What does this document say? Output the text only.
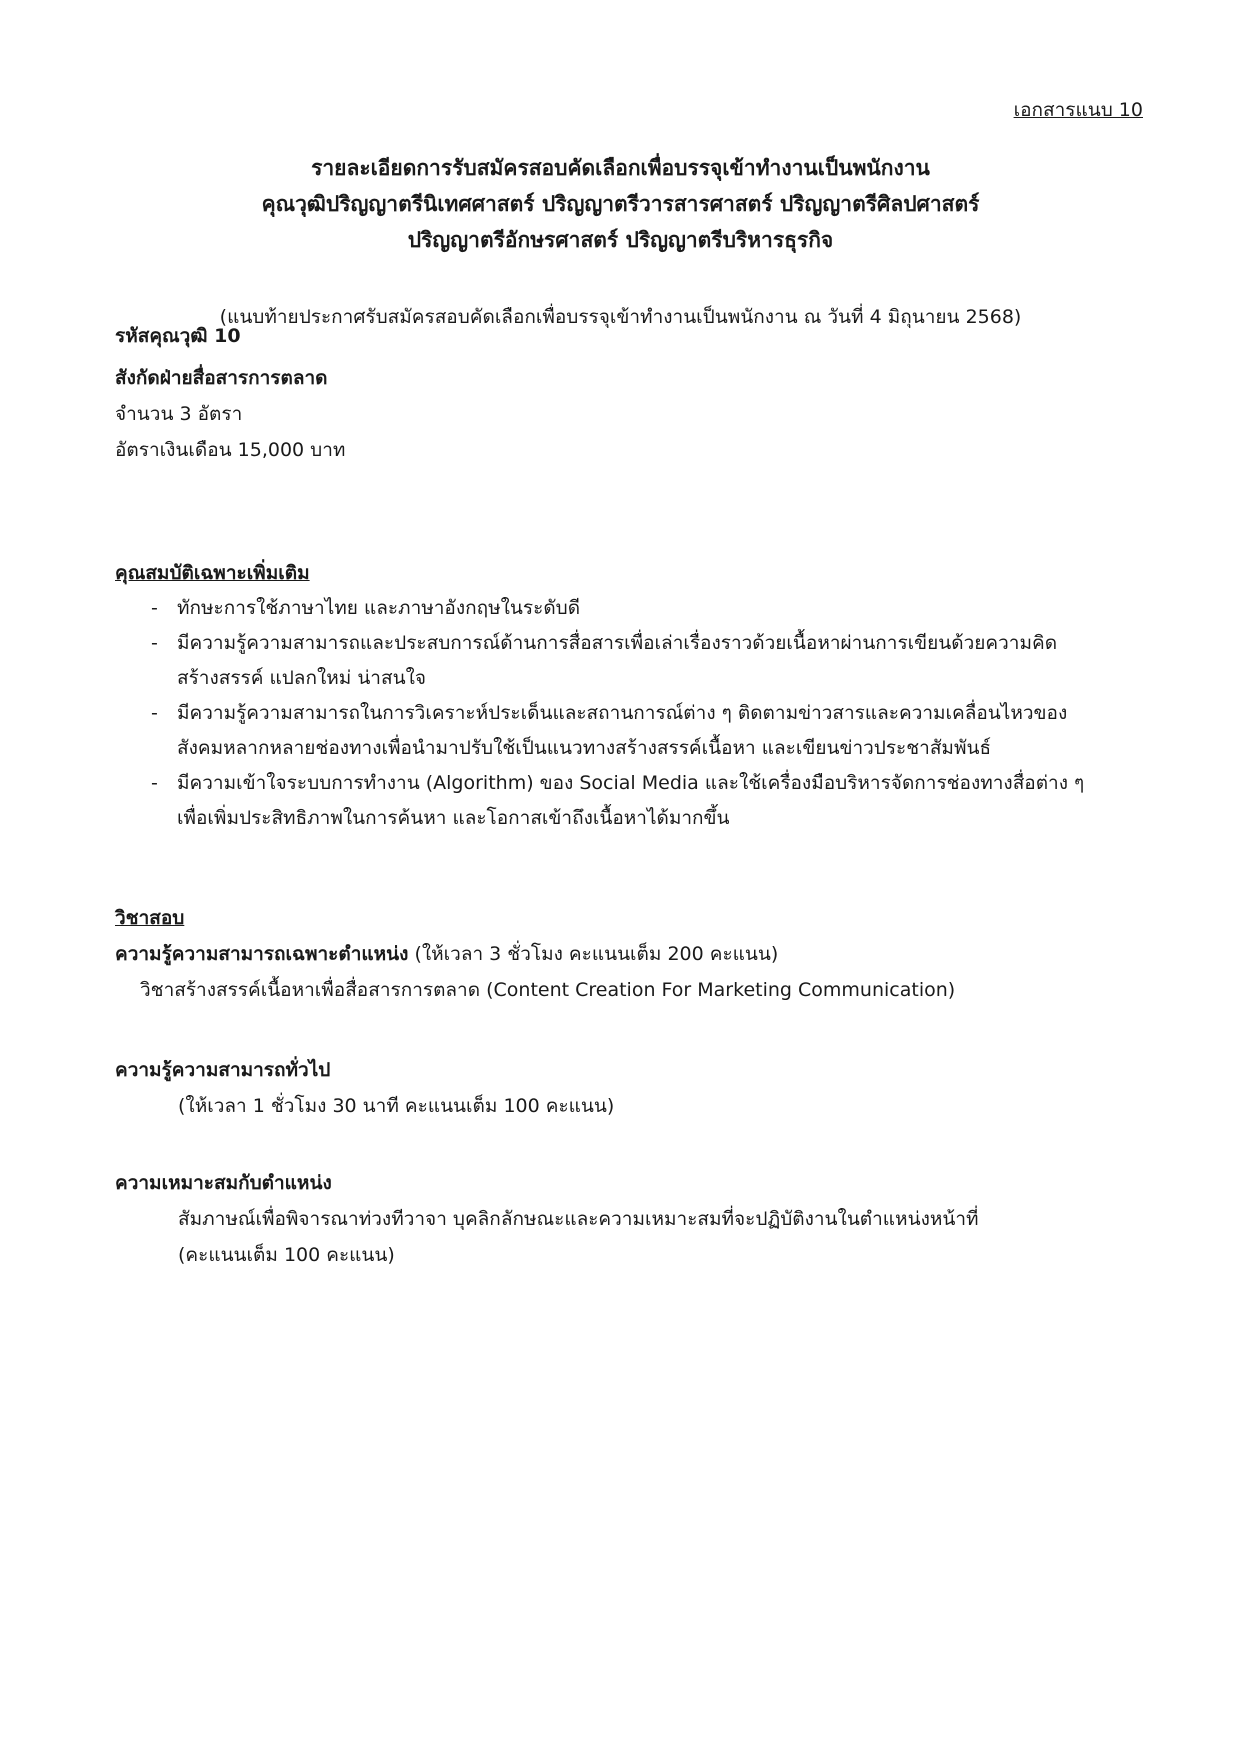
เอกสารแนบ 10

รายละเอียดการรับสมัครสอบคัดเลือกเพื่อบรรจุเข้าทำงานเป็นพนักงาน

คุณวุฒิปริญญาตรีนิเทศศาสตร์ ปริญญาตรีวารสารศาสตร์ ปริญญาตรีศิลปศาสตร์

ปริญญาตรีอักษรศาสตร์ ปริญญาตรีบริหารธุรกิจ

(แนบท้ายประกาศรับสมัครสอบคัดเลือกเพื่อบรรจุเข้าทำงานเป็นพนักงาน ณ วันที่ 4 มิถุนายน 2568)

รหัสคุณวุฒิ 10

สังกัดฝ่ายสื่อสารการตลาด

จำนวน 3 อัตรา

อัตราเงินเดือน 15,000 บาท

คุณสมบัติเฉพาะเพิ่มเติม

- ทักษะการใช้ภาษาไทย และภาษาอังกฤษในระดับดี
- มีความรู้ความสามารถและประสบการณ์ด้านการสื่อสารเพื่อเล่าเรื่องราวด้วยเนื้อหาผ่านการเขียนด้วยความคิด
สร้างสรรค์ แปลกใหม่ น่าสนใจ
- มีความรู้ความสามารถในการวิเคราะห์ประเด็นและสถานการณ์ต่าง ๆ ติดตามข่าวสารและความเคลื่อนไหวของ
สังคมหลากหลายช่องทางเพื่อนำมาปรับใช้เป็นแนวทางสร้างสรรค์เนื้อหา และเขียนข่าวประชาสัมพันธ์
- มีความเข้าใจระบบการทำงาน (Algorithm) ของ Social Media และใช้เครื่องมือบริหารจัดการช่องทางสื่อต่าง ๆ
เพื่อเพิ่มประสิทธิภาพในการค้นหา และโอกาสเข้าถึงเนื้อหาได้มากขึ้น

วิชาสอบ

ความรู้ความสามารถเฉพาะตำแหน่ง (ให้เวลา 3 ชั่วโมง คะแนนเต็ม 200 คะแนน)

วิชาสร้างสรรค์เนื้อหาเพื่อสื่อสารการตลาด (Content Creation For Marketing Communication)

ความรู้ความสามารถทั่วไป

(ให้เวลา 1 ชั่วโมง 30 นาที คะแนนเต็ม 100 คะแนน)

ความเหมาะสมกับตำแหน่ง

สัมภาษณ์เพื่อพิจารณาท่วงทีวาจา บุคลิกลักษณะและความเหมาะสมที่จะปฏิบัติงานในตำแหน่งหน้าที่

(คะแนนเต็ม 100 คะแนน)
